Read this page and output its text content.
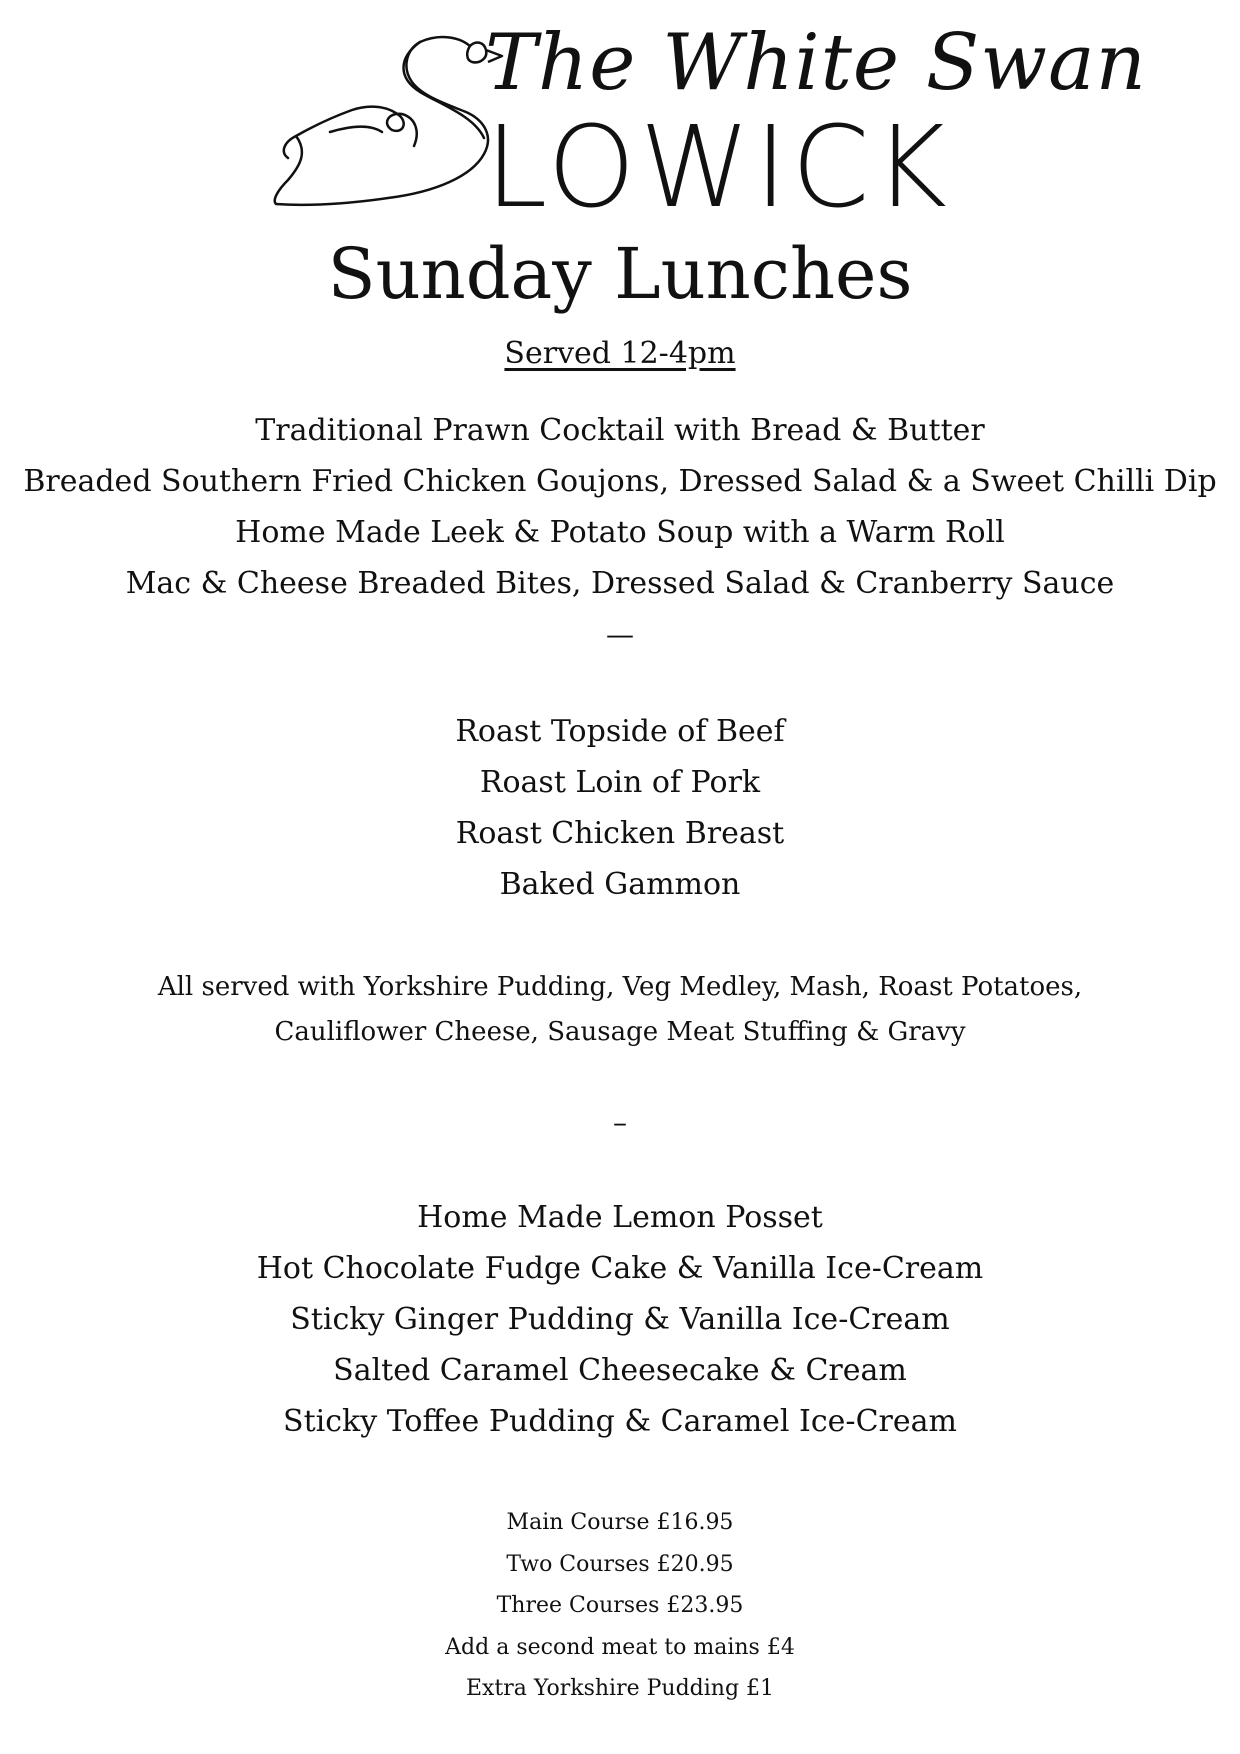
The White Swan
LOWICK
Sunday Lunches
Served 12-4pm
Traditional Prawn Cocktail with Bread & Butter
Breaded Southern Fried Chicken Goujons, Dressed Salad & a Sweet Chilli Dip
Home Made Leek & Potato Soup with a Warm Roll
Mac & Cheese Breaded Bites, Dressed Salad & Cranberry Sauce
—
Roast Topside of Beef
Roast Loin of Pork
Roast Chicken Breast
Baked Gammon
All served with Yorkshire Pudding, Veg Medley, Mash, Roast Potatoes,
Cauliflower Cheese, Sausage Meat Stuffing & Gravy
–
Home Made Lemon Posset
Hot Chocolate Fudge Cake & Vanilla Ice-Cream
Sticky Ginger Pudding & Vanilla Ice-Cream
Salted Caramel Cheesecake & Cream
Sticky Toffee Pudding & Caramel Ice-Cream
Main Course £16.95
Two Courses £20.95
Three Courses £23.95
Add a second meat to mains £4
Extra Yorkshire Pudding £1
